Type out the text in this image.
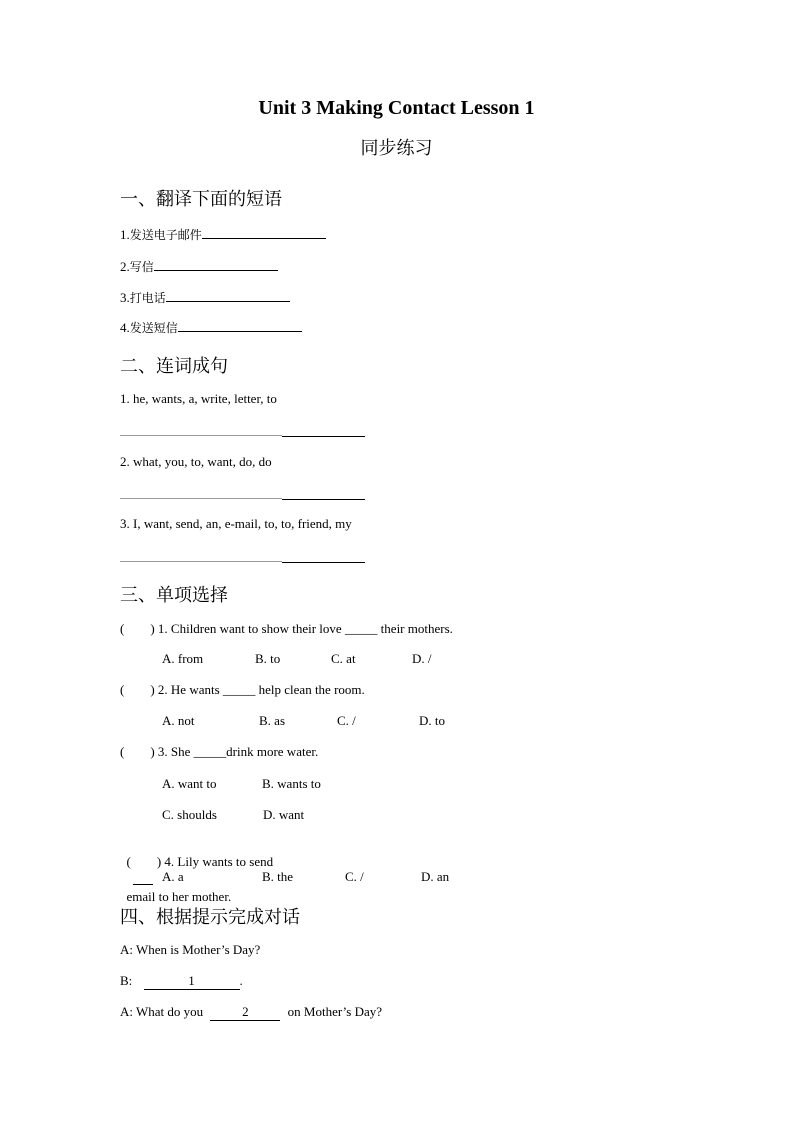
Unit 3 Making Contact Lesson 1
同步练习
一、翻译下面的短语
1.发送电子邮件
2.写信
3.打电话
4.发送短信
二、连词成句
1. he, wants, a, write, letter, to
2. what, you, to, want, do, do
3. I, want, send, an, e-mail, to, to, friend, my
三、单项选择
(        ) 1. Children want to show their love _____ their mothers.
A. from	B. to	C. at	D. /
(        ) 2. He wants _____ help clean the room.
A. not	B. as	C. /	D. to
(        ) 3. She _____drink more water.
A. want to	B. wants to
C. shoulds	D. want

(        ) 4. Lily wants to send

email to her mother.

A. a	B. the	C. /	D. an
四、根据提示完成对话
A: When is Mother’s Day?
B:	1	.
A: What do you	2	on Mother’s Day?
